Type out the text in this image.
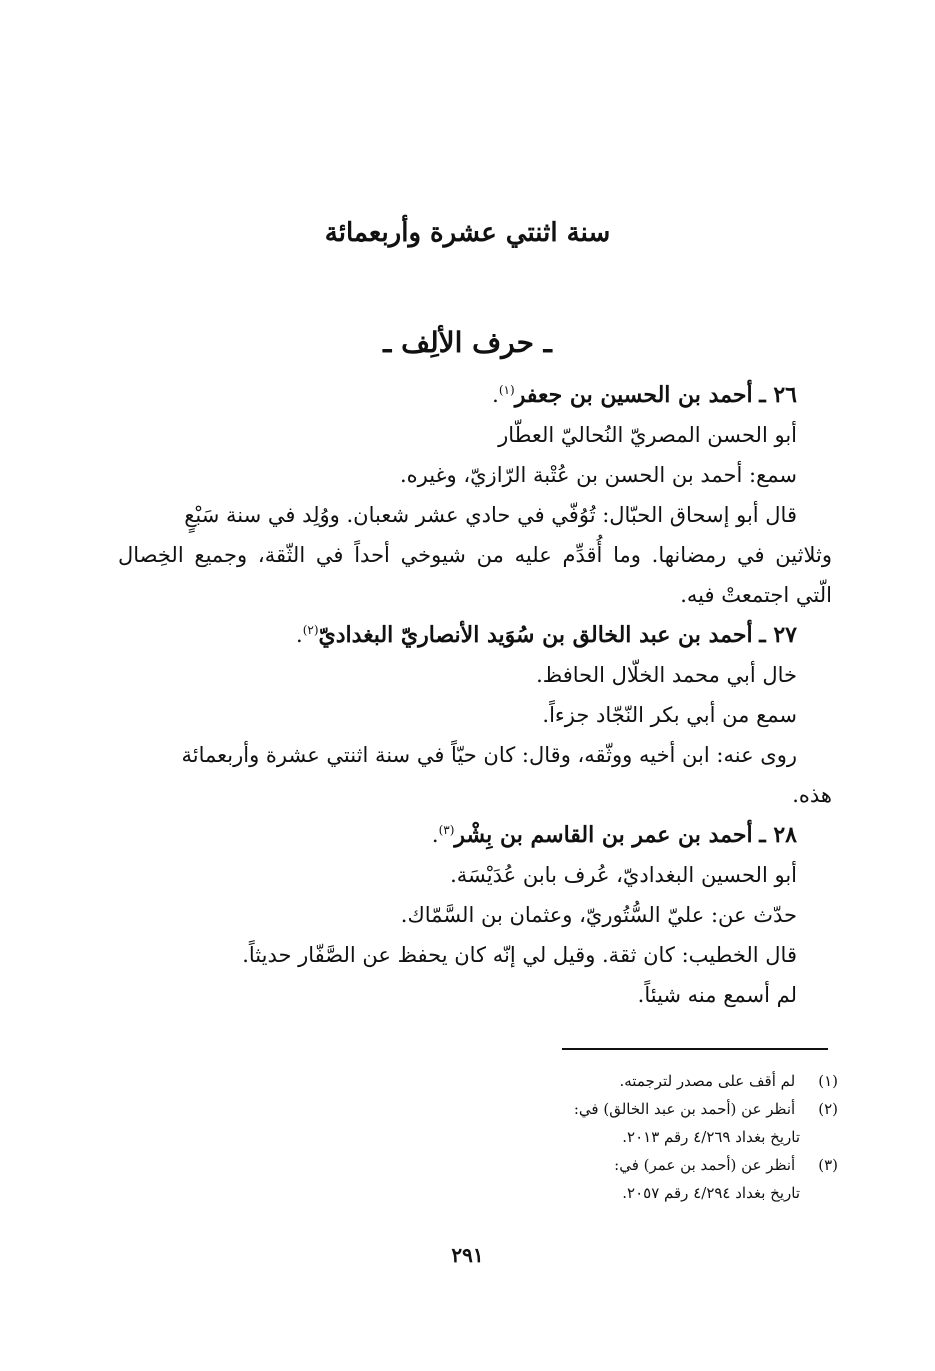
سنة اثنتي عشرة وأربعمائة
ـ حرف الألِف ـ
٢٦ ـ أحمد بن الحسين بن جعفر$^{(١)}$.
أبو الحسن المصريّ النُحاليّ العطّار
سمع: أحمد بن الحسن بن عُتْبة الرّازيّ، وغيره.
قال أبو إسحاق الحبّال: تُوُفّي في حادي عشر شعبان. ووُلِد في سنة سَبْعٍ
وثلاثين في رمضانها. وما أُقدِّم عليه من شيوخي أحداً في الثّقة، وجميع الخِصال
الّتي اجتمعتْ فيه.
٢٧ ـ أحمد بن عبد الخالق بن سُوَيد الأنصاريّ البغداديّ$^{(٢)}$.
خال أبي محمد الخلّال الحافظ.
سمع من أبي بكر النّجّاد جزءاً.
روى عنه: ابن أخيه ووثّقه، وقال: كان حيّاً في سنة اثنتي عشرة وأربعمائة
هذه.
٢٨ ـ أحمد بن عمر بن القاسم بن بِشْر$^{(٣)}$.
أبو الحسين البغداديّ، عُرف بابن عُدَيْسَة.
حدّث عن: عليّ السُّتُوريّ، وعثمان بن السَّمّاك.
قال الخطيب: كان ثقة. وقيل لي إنّه كان يحفظ عن الصَّفّار حديثاً.
لم أسمع منه شيئاً.
(١) لم أقف على مصدر لترجمته.
(٢) أنظر عن (أحمد بن عبد الخالق) في:
تاريخ بغداد ٤/٢٦٩ رقم ٢٠١٣.
(٣) أنظر عن (أحمد بن عمر) في:
تاريخ بغداد ٤/٢٩٤ رقم ٢٠٥٧.
٢٩١
